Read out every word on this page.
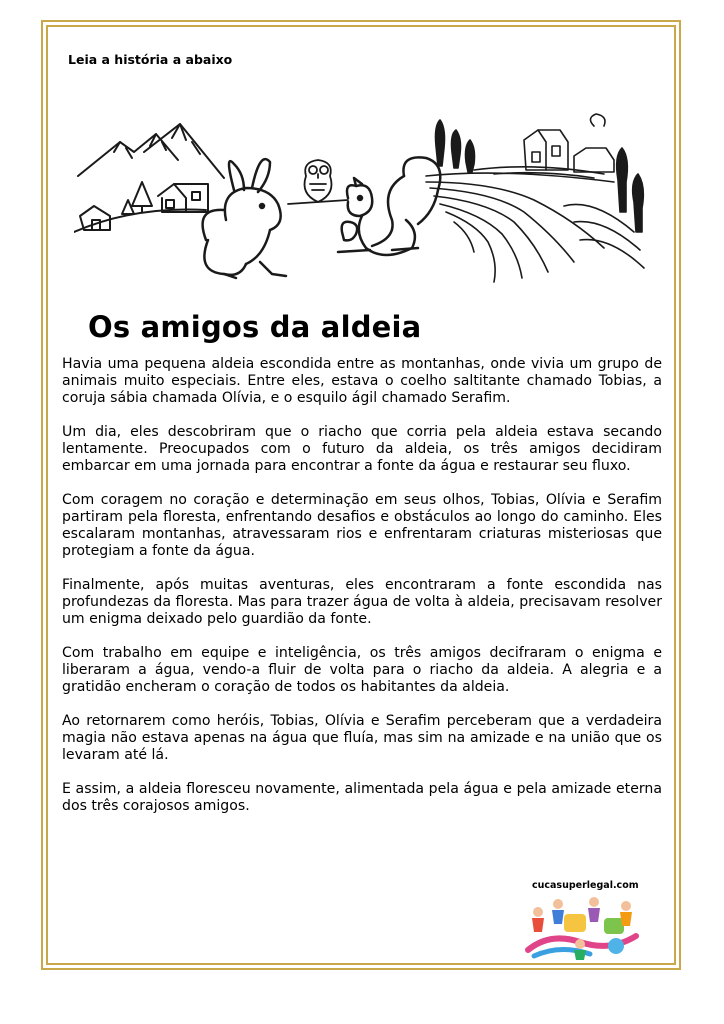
Leia a história a abaixo
Os amigos da aldeia

Havia uma pequena aldeia escondida entre as montanhas, onde vivia um grupo de animais muito especiais. Entre eles, estava o coelho saltitante chamado Tobias, a coruja sábia chamada Olívia, e o esquilo ágil chamado Serafim.

Um dia, eles descobriram que o riacho que corria pela aldeia estava secando lentamente. Preocupados com o futuro da aldeia, os três amigos decidiram embarcar em uma jornada para encontrar a fonte da água e restaurar seu fluxo.

Com coragem no coração e determinação em seus olhos, Tobias, Olívia e Serafim partiram pela floresta, enfrentando desafios e obstáculos ao longo do caminho. Eles escalaram montanhas, atravessaram rios e enfrentaram criaturas misteriosas que protegiam a fonte da água.

Finalmente, após muitas aventuras, eles encontraram a fonte escondida nas profundezas da floresta. Mas para trazer água de volta à aldeia, precisavam resolver um enigma deixado pelo guardião da fonte.

Com trabalho em equipe e inteligência, os três amigos decifraram o enigma e liberaram a água, vendo-a fluir de volta para o riacho da aldeia. A alegria e a gratidão encheram o coração de todos os habitantes da aldeia.

Ao retornarem como heróis, Tobias, Olívia e Serafim perceberam que a verdadeira magia não estava apenas na água que fluía, mas sim na amizade e na união que os levaram até lá.

E assim, a aldeia floresceu novamente, alimentada pela água e pela amizade eterna dos três corajosos amigos.

cucasuperlegal.com
